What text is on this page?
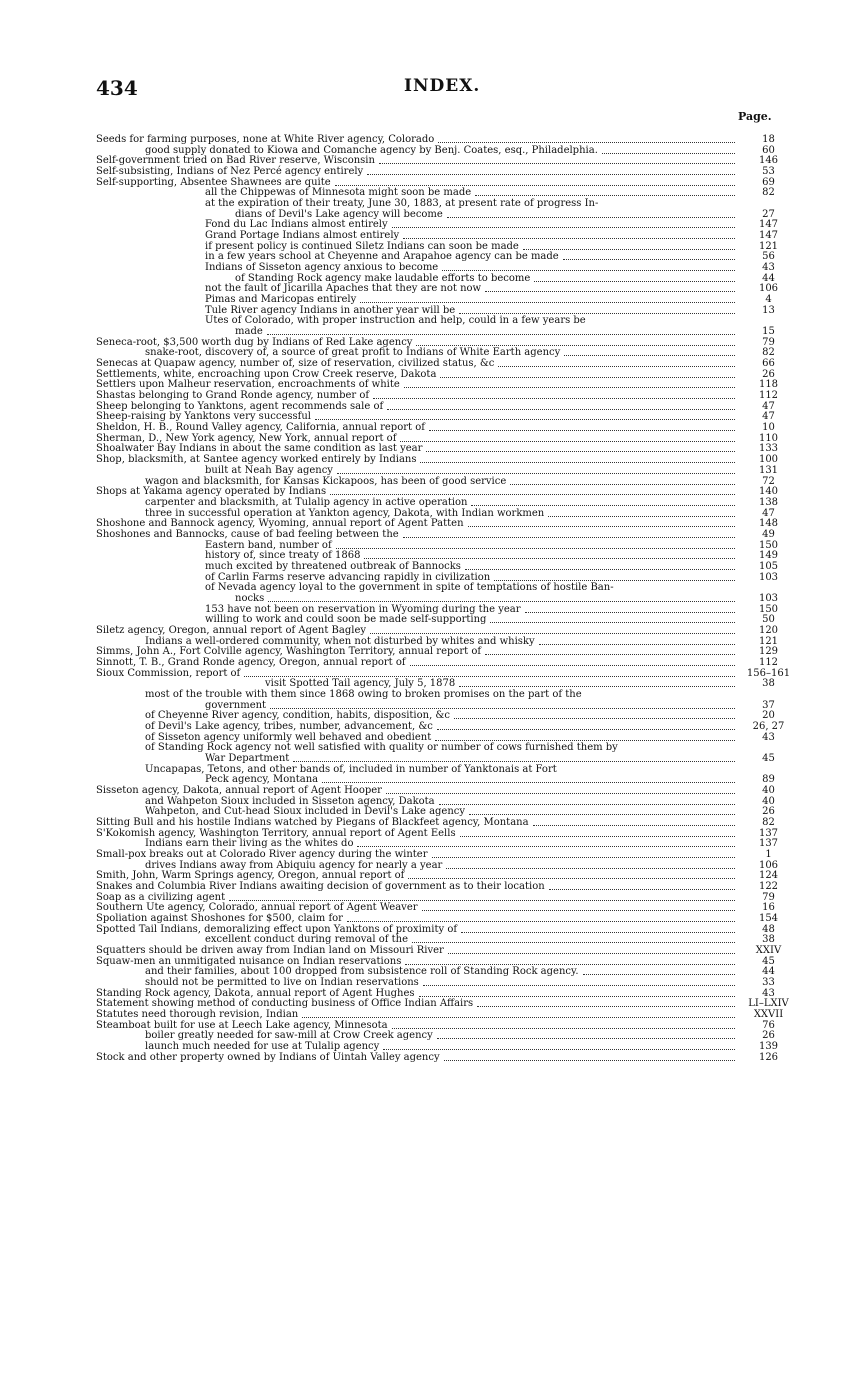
434	INDEX.
Page.
Seeds for farming purposes, none at White River agency, Colorado	18
good supply donated to Kiowa and Comanche agency by Benj. Coates, esq., Philadelphia.	60
Self-government tried on Bad River reserve, Wisconsin	146
Self-subsisting, Indians of Nez Percé agency entirely	53
Self-supporting, Absentee Shawnees are quite	69
all the Chippewas of Minnesota might soon be made	82
at the expiration of their treaty, June 30, 1883, at present rate of progress In-
dians of Devil's Lake agency will become	27
Fond du Lac Indians almost entirely	147
Grand Portage Indians almost entirely	147
if present policy is continued Siletz Indians can soon be made	121
in a few years school at Cheyenne and Arapahoe agency can be made	56
Indians of Sisseton agency anxious to become	43
of Standing Rock agency make laudable efforts to become	44
not the fault of Jicarilla Apaches that they are not now	106
Pimas and Maricopas entirely	4
Tule River agency Indians in another year will be	13
Utes of Colorado, with proper instruction and help, could in a few years be
made	15
Seneca-root, $3,500 worth dug by Indians of Red Lake agency	79
snake-root, discovery of, a source of great profit to Indians of White Earth agency	82
Senecas at Quapaw agency, number of, size of reservation, civilized status, &c	66
Settlements, white, encroaching upon Crow Creek reserve, Dakota	26
Settlers upon Malheur reservation, encroachments of white	118
Shastas belonging to Grand Ronde agency, number of	112
Sheep belonging to Yanktons, agent recommends sale of	47
Sheep-raising by Yanktons very successful	47
Sheldon, H. B., Round Valley agency, California, annual report of	10
Sherman, D., New York agency, New York, annual report of	110
Shoalwater Bay Indians in about the same condition as last year	133
Shop, blacksmith, at Santee agency worked entirely by Indians	100
built at Neah Bay agency	131
wagon and blacksmith, for Kansas Kickapoos, has been of good service	72
Shops at Yakama agency operated by Indians	140
carpenter and blacksmith, at Tulalip agency in active operation	138
three in successful operation at Yankton agency, Dakota, with Indian workmen	47
Shoshone and Bannock agency, Wyoming, annual report of Agent Patten	148
Shoshones and Bannocks, cause of bad feeling between the	49
Eastern band, number of	150
history of, since treaty of 1868	149
much excited by threatened outbreak of Bannocks	105
of Carlin Farms reserve advancing rapidly in civilization	103
of Nevada agency loyal to the government in spite of temptations of hostile Ban-
nocks	103
153 have not been on reservation in Wyoming during the year	150
willing to work and could soon be made self-supporting	50
Siletz agency, Oregon, annual report of Agent Bagley	120
Indians a well-ordered community, when not disturbed by whites and whisky	121
Simms, John A., Fort Colville agency, Washington Territory, annual report of	129
Sinnott, T. B., Grand Ronde agency, Oregon, annual report of	112
Sioux Commission, report of	156–161
visit Spotted Tail agency, July 5, 1878	38
most of the trouble with them since 1868 owing to broken promises on the part of the
government	37
of Cheyenne River agency, condition, habits, disposition, &c	20
of Devil's Lake agency, tribes, number, advancement, &c	26, 27
of Sisseton agency uniformly well behaved and obedient	43
of Standing Rock agency not well satisfied with quality or number of cows furnished them by
War Department	45
Uncapapas, Tetons, and other bands of, included in number of Yanktonais at Fort
Peck agency, Montana	89
Sisseton agency, Dakota, annual report of Agent Hooper	40
and Wahpeton Sioux included in Sisseton agency, Dakota	40
Wahpeton, and Cut-head Sioux included in Devil's Lake agency	26
Sitting Bull and his hostile Indians watched by Piegans of Blackfeet agency, Montana	82
S'Kokomish agency, Washington Territory, annual report of Agent Eells	137
Indians earn their living as the whites do	137
Small-pox breaks out at Colorado River agency during the winter	1
drives Indians away from Abiquiu agency for nearly a year	106
Smith, John, Warm Springs agency, Oregon, annual report of	124
Snakes and Columbia River Indians awaiting decision of government as to their location	122
Soap as a civilizing agent	79
Southern Ute agency, Colorado, annual report of Agent Weaver	16
Spoliation against Shoshones for $500, claim for	154
Spotted Tail Indians, demoralizing effect upon Yanktons of proximity of	48
excellent conduct during removal of the	38
Squatters should be driven away from Indian land on Missouri River	XXIV
Squaw-men an unmitigated nuisance on Indian reservations	45
and their families, about 100 dropped from subsistence roll of Standing Rock agency.	44
should not be permitted to live on Indian reservations	33
Standing Rock agency, Dakota, annual report of Agent Hughes	43
Statement showing method of conducting business of Office Indian Affairs	LI–LXIV
Statutes need thorough revision, Indian	XXVII
Steamboat built for use at Leech Lake agency, Minnesota	76
boiler greatly needed for saw-mill at Crow Creek agency	26
launch much needed for use at Tulalip agency	139
Stock and other property owned by Indians of Uintah Valley agency	126
